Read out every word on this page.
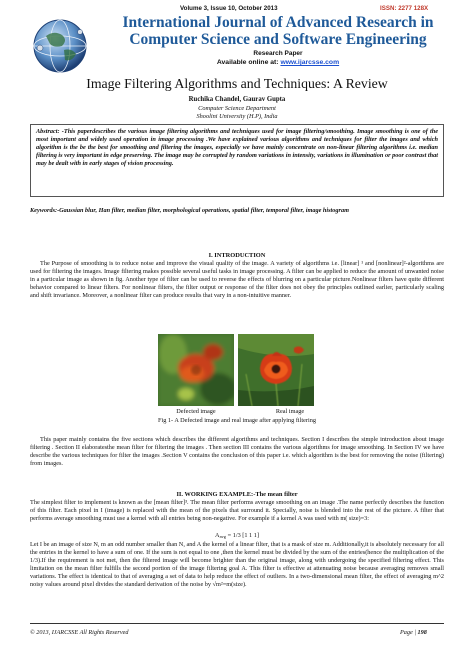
Volume 3, Issue 10, October 2013	ISSN: 2277 128X
International Journal of Advanced Research in
Computer Science and Software Engineering
Research Paper
Available online at: www.ijarcsse.com
Image Filtering Algorithms and Techniques: A Review
Ruchika Chandel, Gaurav Gupta
Computer Science Department
Shoolini University (H.P), India
Abstract: -This paperdescribes the various image filtering algorithms and techniques used for image filtering/smoothing. Image smoothing is one of the most important and widely used operation in image processing .We have explained various algorithms and techniques for filter the images and which algorithm is the be the best for smoothing and filtering the images, especially we have mainly concentrate on non-linear filtering algorithms i.e. median filtering is very important in edge preserving. The image may be corrupted by random variations in intensity, variations in illumination or poor contrast that may be dealt with in early stages of vision processing.
Keywords:-Gaussian blur, Han filter, median filter, morphological operations, spatial filter, temporal filter, image histogram
I. INTRODUCTION
The Purpose of smoothing is to reduce noise and improve the visual quality of the image. A variety of algorithms i.e. [linear] ¹ and [nonlinear]²-algorithms are used for filtering the images. Image filtering makes possible several useful tasks in image processing. A filter can be applied to reduce the amount of unwanted noise in a particular image as shown in fig. Another type of filter can be used to reverse the effects of blurring on a particular picture.Nonlinear filters have quite different behavior compared to linear filters. For nonlinear filters, the filter output or response of the filter does not obey the principles outlined earlier, particularly scaling and shift invariance. Moreover, a nonlinear filter can produce results that vary in a non-intuitive manner.
Defected image	Real image
Fig 1- A Defected image and real image after applying filtering
This paper mainly contains the five sections which describes the different algorithms and techniques. Section I describes the simple introduction about image filtering . Section II elaboratesthe mean filter for filtering the images . Then section III contains the various algorithms for image smoothing. In Section IV we have describe the various techniques for filter the images .Section V contains the conclusion of this paper i.e. which algorithm is the best for removing the noise (filtering) from images.
II. WORKING EXAMPLE:-The mean filter
The simplest filter to implement is known as the [mean filter]³. The mean filter performs average smoothing on an image .The name perfectly describes the function of this filter. Each pixel in I (image) is replaced with the mean of the pixels that surround it. Specially, noise is blended into the rest of the picture. A filter that performs average smoothing must use a kernel with all entries being non-negative. For example if a kernel A was used with m( size)=3:
$A_{avg} = 1/3$ [1 1 1]
Let I be an image of size N, m an odd number smaller than N, and A the kernel of a linear filter, that is a mask of size m. Additionally,it is absolutely necessary for all the entries in the kernel to have a sum of one. If the sum is not equal to one ,then the kernel must be divided by the sum of the entries(hence the multiplication of the 1/3).If the requirement is not met, then the filtered image will become brighter than the original image, along with undergoing the specified filtering effect. This limitation on the mean filter fulfills the second portion of the image filtering goal A. This filter is effective at attenuating noise because averaging removes small variations. The effect is identical to that of averaging a set of data to help reduce the effect of outliers. In a two-dimensional mean filter, the effect of averaging m^2 noisy values around pixel divides the standard derivation of the noise by √m²=m(size).
© 2013, IJARCSSE All Rights Reserved	Page | 198
